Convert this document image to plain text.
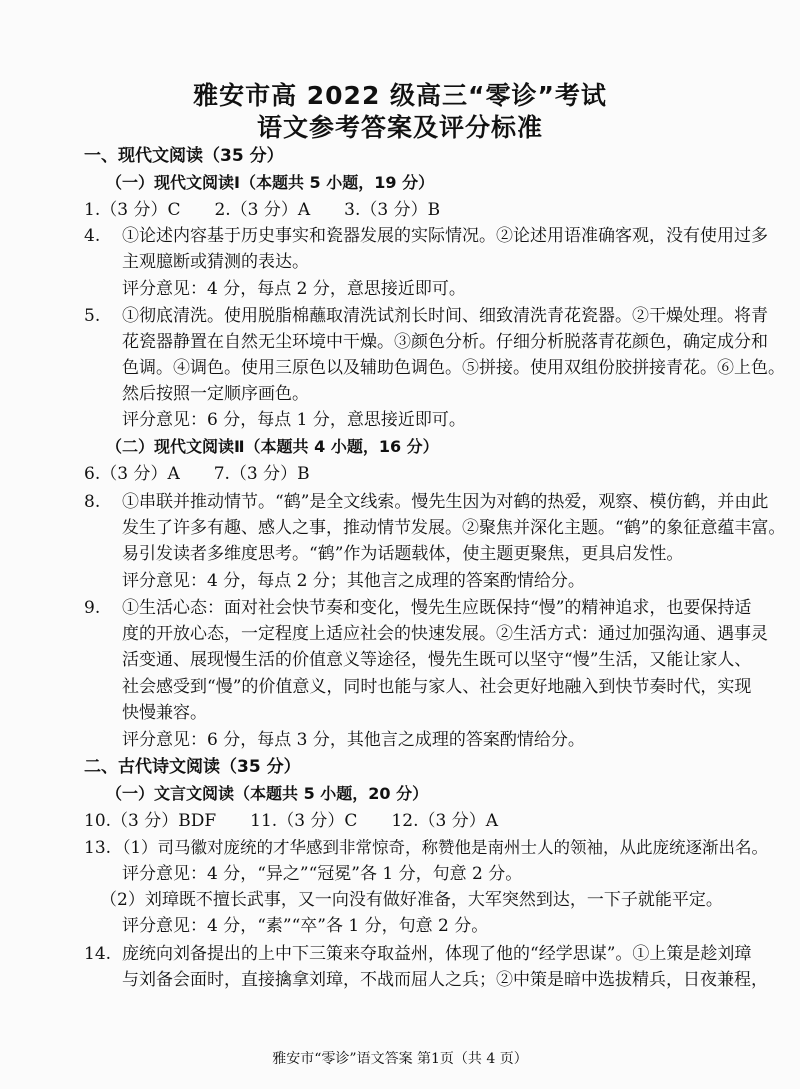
雅安市高 2022 级高三“零诊”考试
语文参考答案及评分标准
一、现代文阅读（35 分）
（一）现代文阅读Ⅰ（本题共 5 小题，19 分）
1.（3 分）C　　2.（3 分）A　　3.（3 分）B
4. ①论述内容基于历史事实和瓷器发展的实际情况。②论述用语准确客观，没有使用过多
主观臆断或猜测的表达。
评分意见：4 分，每点 2 分，意思接近即可。
5. ①彻底清洗。使用脱脂棉蘸取清洗试剂长时间、细致清洗青花瓷器。②干燥处理。将青
花瓷器静置在自然无尘环境中干燥。③颜色分析。仔细分析脱落青花颜色，确定成分和
色调。④调色。使用三原色以及辅助色调色。⑤拼接。使用双组份胶拼接青花。⑥上色。
然后按照一定顺序画色。
评分意见：6 分，每点 1 分，意思接近即可。
（二）现代文阅读Ⅱ（本题共 4 小题，16 分）
6.（3 分）A　　7.（3 分）B
8. ①串联并推动情节。“鹤”是全文线索。慢先生因为对鹤的热爱，观察、模仿鹤，并由此
发生了许多有趣、感人之事，推动情节发展。②聚焦并深化主题。“鹤”的象征意蕴丰富。
易引发读者多维度思考。“鹤”作为话题载体，使主题更聚焦，更具启发性。
评分意见：4 分，每点 2 分；其他言之成理的答案酌情给分。
9. ①生活心态：面对社会快节奏和变化，慢先生应既保持“慢”的精神追求，也要保持适
度的开放心态，一定程度上适应社会的快速发展。②生活方式：通过加强沟通、遇事灵
活变通、展现慢生活的价值意义等途径，慢先生既可以坚守“慢”生活，又能让家人、
社会感受到“慢”的价值意义，同时也能与家人、社会更好地融入到快节奏时代，实现
快慢兼容。
评分意见：6 分，每点 3 分，其他言之成理的答案酌情给分。
二、古代诗文阅读（35 分）
（一）文言文阅读（本题共 5 小题，20 分）
10.（3 分）BDF　　11.（3 分）C　　12.（3 分）A
13. （1）司马徽对庞统的才华感到非常惊奇，称赞他是南州士人的领袖，从此庞统逐渐出名。
评分意见：4 分，“异之”“冠冕”各 1 分，句意 2 分。
（2）刘璋既不擅长武事，又一向没有做好准备，大军突然到达，一下子就能平定。
评分意见：4 分，“素”“卒”各 1 分，句意 2 分。
14. 庞统向刘备提出的上中下三策来夺取益州，体现了他的“经学思谋”。①上策是趁刘璋
与刘备会面时，直接擒拿刘璋，不战而屈人之兵；②中策是暗中选拔精兵，日夜兼程，
雅安市“零诊”语文答案 第1页（共 4 页）
